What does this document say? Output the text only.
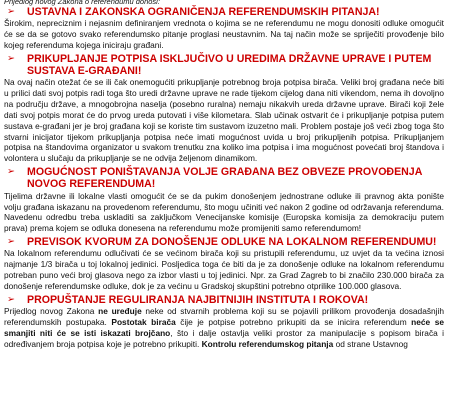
Prijedlog novog Zakona o referendumu donosi:
➢	USTAVNA I ZAKONSKA OGRANIČENJA REFERENDUMSKIH PITANJA!

Širokim, nepreciznim i nejasnim definiranjem vrednota o kojima se ne referendumu ne mogu donositi odluke omogućit će se da se gotovo svako referendumsko pitanje proglasi neustavnim. Na taj način može se spriječiti provođenje bilo kojeg referenduma kojega iniciraju građani.

➢	PRIKUPLJANJE POTPISA ISKLJUČIVO U UREDIMA DRŽAVNE UPRAVE I PUTEM SUSTAVA E-GRAĐANI!

Na ovaj način otežat će se ili čak onemogućiti prikupljanje potrebnog broja potpisa birača. Veliki broj građana neće biti u prilici dati svoj potpis radi toga što uredi državne uprave ne rade tijekom cijelog dana niti vikendom, nema ih dovoljno na području države, a mnogobrojna naselja (posebno ruralna) nemaju nikakvih ureda državne uprave. Birači koji žele dati svoj potpis morat će do prvog ureda putovati i više kilometara. Slab učinak ostvarit će i prikupljanje potpisa putem sustava e-građani jer je broj građana koji se koriste tim sustavom izuzetno mali. Problem postaje još veći zbog toga što stvarni inicijator tijekom prikupljanja potpisa neće imati mogućnost uvida u broj prikupljenih potpisa. Prikupljanjem potpisa na štandovima organizator u svakom trenutku zna koliko ima potpisa i ima mogućnost povećati broj štandova i volontera u slučaju da prikupljanje se ne odvija željenom dinamikom.

➢	MOGUĆNOST PONIŠTAVANJA VOLJE GRAĐANA BEZ OBVEZE PROVOĐENJA NOVOG REFERENDUMA!

Tijelima državne ili lokalne vlasti omogućit će se da pukim donošenjem jednostrane odluke ili pravnog akta ponište volju građana iskazanu na provedenom referendumu, što mogu učiniti već nakon 2 godine od održavanja referenduma. Navedenu odredbu treba uskladiti sa zaključkom Venecijanske komisije (Europska komisija za demokraciju putem prava) prema kojem se odluka donesena na referendumu može promijeniti samo referendumom!

➢	PREVISOK KVORUM ZA DONOŠENJE ODLUKE NA LOKALNOM REFERENDUMU!

Na lokalnom referendumu odlučivati će se većinom birača koji su pristupili referendumu, uz uvjet da ta većina iznosi najmanje 1/3 birača u toj lokalnoj jedinici. Posljedica toga će biti da je za donošenje odluke na lokalnom referendumu potreban puno veći broj glasova nego za izbor vlasti u toj jedinici. Npr. za Grad Zagreb to bi značilo 230.000 birača za donošenje referendumske odluke, dok je za većinu u Gradskoj skupštini potrebno otprilike 100.000 glasova.

➢	PROPUŠTANJE REGULIRANJA NAJBITNIJIH INSTITUTA I ROKOVA!

Prijedlog novog Zakona ne uređuje neke od stvarnih problema koji su se pojavili prilikom provođenja dosadašnjih referendumskih postupaka. Postotak birača čije je potpise potrebno prikupiti da se inicira referendum neće se smanjiti niti će se isti iskazati brojčano, što i dalje ostavlja veliki prostor za manipulacije s popisom birača i određivanjem broja potpisa koje je potrebno prikupiti. Kontrolu referendumskog pitanja od strane Ustavnog
